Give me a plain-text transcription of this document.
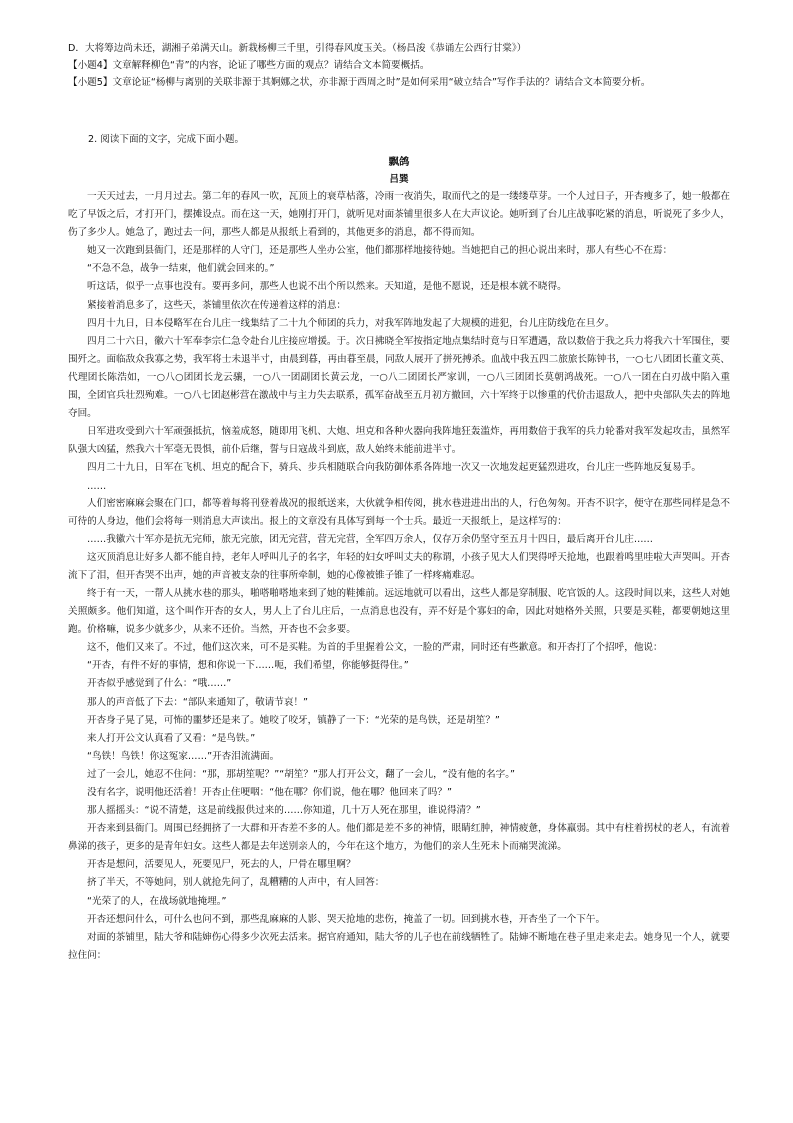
D．大将筹边尚未还，湖湘子弟满天山。新栽杨柳三千里，引得春风度玉关。（杨昌浚《恭诵左公西行甘棠》）
【小题4】文章解释柳色“青”的内容，论证了哪些方面的观点？请结合文本简要概括。
【小题5】文章论证“杨柳与离别的关联非源于其婀娜之状，亦非源于西周之时”是如何采用“破立结合”写作手法的？请结合文本简要分析。
2. 阅读下面的文字，完成下面小题。
飘鸽
吕巽

一天天过去，一月月过去。第二年的春风一吹，瓦顶上的衰草枯落，冷雨一夜消失，取而代之的是一缕缕草芽。一个人过日子，开杏瘦多了，她一般都在吃了早饭之后，才打开门，摆摊设点。而在这一天，她刚打开门，就听见对面茶铺里很多人在大声议论。她听到了台儿庄战事吃紧的消息，听说死了多少人，伤了多少人。她急了，跑过去一问，那些人都是从报纸上看到的，其他更多的消息，都不得而知。

她又一次跑到县衙门，还是那样的人守门，还是那些人坐办公室，他们都那样地接待她。当她把自己的担心说出来时，那人有些心不在焉：

“不急不急，战争一结束，他们就会回来的。”

听这话，似乎一点事也没有。要再多问，那些人也说不出个所以然来。天知道，是他不愿说，还是根本就不晓得。

紧接着消息多了，这些天，茶铺里依次在传递着这样的消息：

四月十九日，日本侵略军在台儿庄一线集结了二十九个师团的兵力，对我军阵地发起了大规模的进犯，台儿庄防线危在旦夕。

四月二十六日，徽六十军奉李宗仁急令赴台儿庄接应增援。于。次日拂晓全军按指定地点集结时竟与日军遭遇，敌以数倍于我之兵力将我六十军围住，要围歼之。面临敌众我寡之势，我军将士未退半寸，由晨到暮，再由暮至晨，同敌人展开了拼死搏杀。血战中我五四二旅旅长陈钟书，一○七八团团长董文英、代理团长陈浩如，一○八○团团长龙云骧，一○八一团副团长黄云龙，一○八二团团长严家训，一○八三团团长莫朝鸿战死。一○八一团在白刃战中陷入重围，全团官兵壮烈殉难。一○八七团赵彬营在激战中与主力失去联系，孤军奋战至五月初方撤回，六十军终于以惨重的代价击退敌人，把中央部队失去的阵地夺回。

日军进攻受到六十军顽强抵抗，恼羞成怒，随即用飞机、大炮、坦克和各种火器向我阵地狂轰滥炸，再用数倍于我军的兵力轮番对我军发起攻击，虽然军队强大凶猛，然我六十军毫无畏惧，前仆后继，誓与日寇战斗到底，敌人始终未能前进半寸。

四月二十九日，日军在飞机、坦克的配合下，骑兵、步兵相随联合向我防御体系各阵地一次又一次地发起更猛烈进攻，台儿庄一些阵地反复易手。

……

人们密密麻麻会聚在门口，都等着每将刊登着战况的报纸送来，大伙就争相传阅，挑水巷进进出出的人，行色匆匆。开杏不识字，便守在那些同样是急不可待的人身边，他们会将每一则消息大声读出。报上的文章没有具体写到每一个士兵。最近一天报纸上，是这样写的：

……我徽六十军亦是抗无完师，旅无完旅，团无完营，营无完营，全军四万余人，仅存万余仍坚守至五月十四日，最后离开台儿庄……

这灭顶消息让好多人都不能自持，老年人呼叫儿子的名字，年轻的妇女呼叫丈夫的称谓，小孩子见大人们哭得呼天抢地，也跟着鸣里哇啦大声哭叫。开杏流下了泪，但开杏哭不出声，她的声音被支杂的往事所牵制，她的心像被锥子锥了一样疼痛难忍。

终于有一天，一帮人从挑水巷的那头，啪嗒啪嗒地来到了她的鞋摊前。远远地就可以看出，这些人都是穿制服、吃官饭的人。这段时间以来，这些人对她关照颇多。他们知道，这个叫作开杏的女人，男人上了台儿庄后，一点消息也没有，弄不好是个寡妇的命，因此对她格外关照，只要是买鞋，都要朝她这里跑。价格嘛，说多少就多少，从来不还价。当然，开杏也不会多要。

这不，他们又来了。不过，他们这次来，可不是买鞋。为首的手里握着公文，一脸的严肃，同时还有些歉意。和开杏打了个招呼，他说：

“开杏，有件不好的事情，想和你说一下……呃，我们希望，你能够挺得住。”

开杏似乎感觉到了什么：“哦……”

那人的声音低了下去：“部队来通知了，敬请节哀！”

开杏身子晃了晃，可怖的噩梦还是来了。她咬了咬牙，镇静了一下：“光荣的是鸟铁，还是胡笙？”

来人打开公文认真看了又看：“是鸟铁。”

“鸟铁！鸟铁！你这冤家……”开杏泪流满面。

过了一会儿，她忍不住问：“那，那胡笙呢？”“胡笙？”那人打开公文，翻了一会儿，“没有他的名字。”

没有名字，说明他还活着！开杏止住哽咽：“他在哪？你们说，他在哪？他回来了吗？”

那人摇摇头：“说不清楚，这是前线报供过来的……你知道，几十万人死在那里，谁说得清？”

开杏来到县衙门。周围已经拥挤了一大群和开杏差不多的人。他们都是差不多的神情，眼睛红肿，神情疲惫，身体羸弱。其中有柱着拐杖的老人，有流着鼻涕的孩子，更多的是青年妇女。这些人都是去年送别亲人的，今年在这个地方，为他们的亲人生死未卜而痛哭流涕。

开杏是想问，活要见人，死要见尸，死去的人，尸骨在哪里啊？

挤了半天，不等她问，别人就抢先问了，乱糟糟的人声中，有人回答：

“光荣了的人，在战场就地掩埋。”

开杏还想问什么，可什么也问不到，那些乱麻麻的人影、哭天抢地的悲伤，掩盖了一切。回到挑水巷，开杏坐了一个下午。

对面的茶铺里，陆大爷和陆婶伤心得多少次死去活来。据官府通知，陆大爷的儿子也在前线牺牲了。陆婶不断地在巷子里走来走去。她身见一个人，就要拉住问：
